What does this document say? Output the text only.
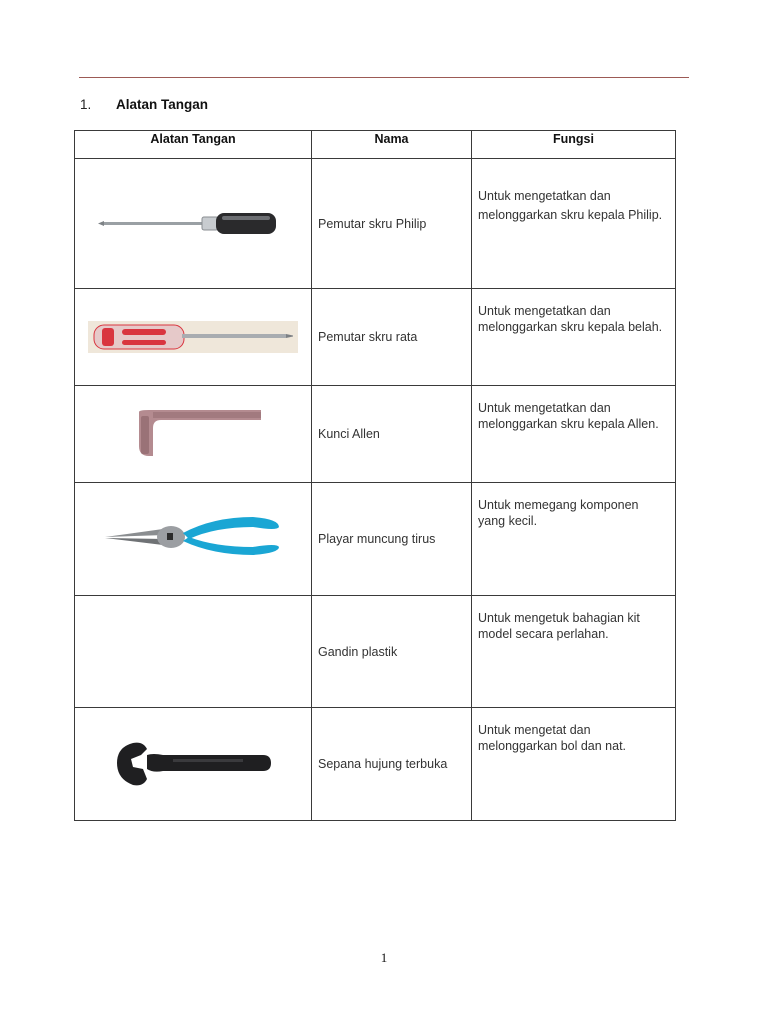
1. Alatan Tangan
Alatan Tangan	Nama	Fungsi

	Pemutar skru Philip	Untuk mengetatkan dan melonggarkan skru kepala Philip.

	Pemutar skru rata	Untuk mengetatkan dan melonggarkan skru kepala belah.

	Kunci Allen	Untuk mengetatkan dan melonggarkan skru kepala Allen.

	Playar muncung tirus	Untuk memegang komponen yang kecil.
	Gandin plastik	Untuk mengetuk bahagian kit model secara perlahan.

	Sepana hujung terbuka	Untuk mengetat dan melonggarkan bol dan nat.
1
